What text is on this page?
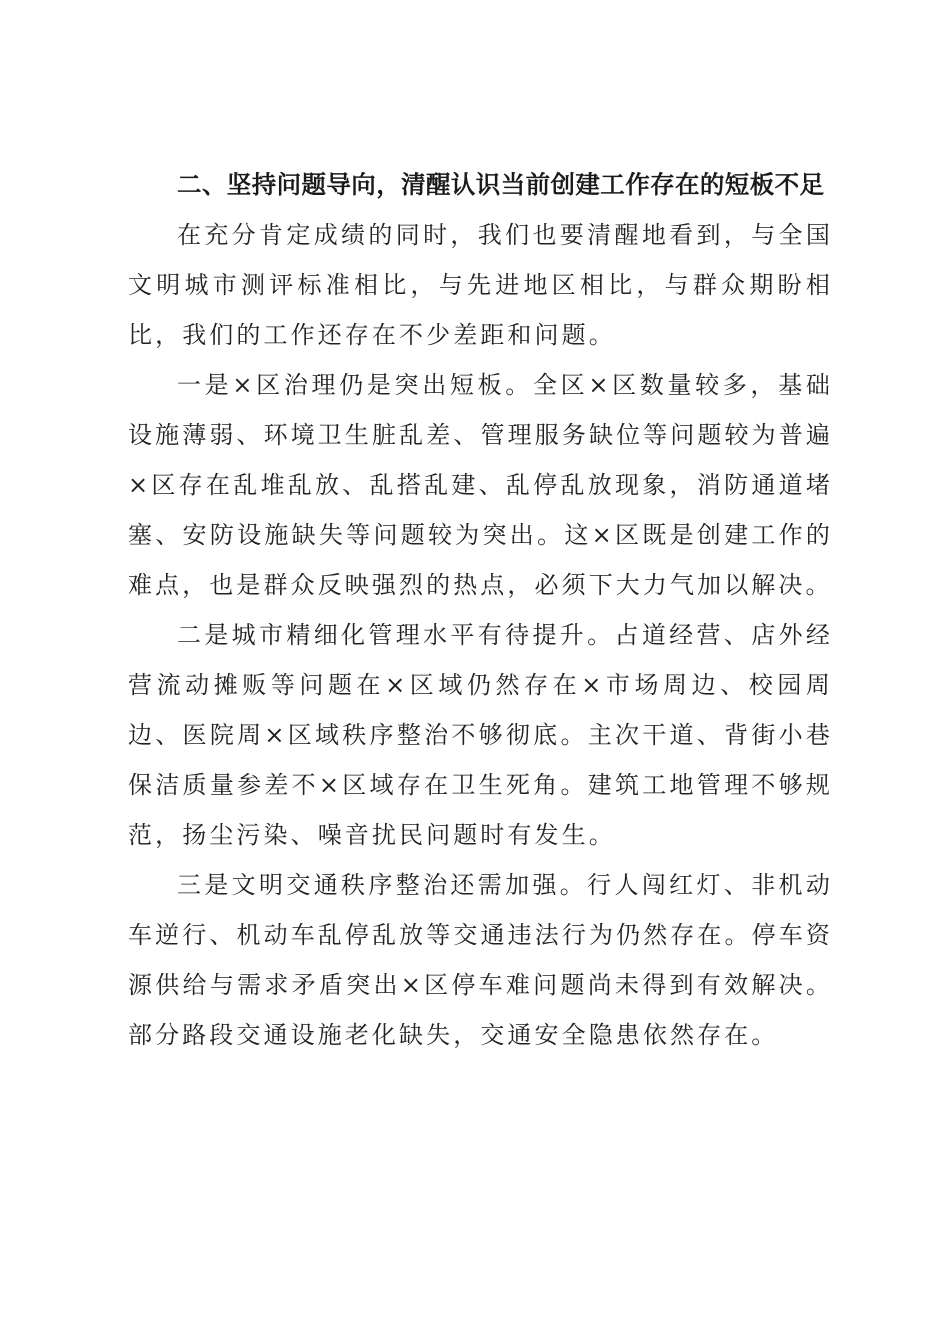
二、坚持问题导向，清醒认识当前创建工作存在的短板不足

在充分肯定成绩的同时，我们也要清醒地看到，与全国文明城市测评标准相比，与先进地区相比，与群众期盼相比，我们的工作还存在不少差距和问题。

一是×区治理仍是突出短板。全区×区数量较多，基础设施薄弱、环境卫生脏乱差、管理服务缺位等问题较为普遍×区存在乱堆乱放、乱搭乱建、乱停乱放现象，消防通道堵塞、安防设施缺失等问题较为突出。这×区既是创建工作的难点，也是群众反映强烈的热点，必须下大力气加以解决。

二是城市精细化管理水平有待提升。占道经营、店外经营流动摊贩等问题在×区域仍然存在×市场周边、校园周边、医院周×区域秩序整治不够彻底。主次干道、背街小巷保洁质量参差不×区域存在卫生死角。建筑工地管理不够规范，扬尘污染、噪音扰民问题时有发生。

三是文明交通秩序整治还需加强。行人闯红灯、非机动车逆行、机动车乱停乱放等交通违法行为仍然存在。停车资源供给与需求矛盾突出×区停车难问题尚未得到有效解决。部分路段交通设施老化缺失，交通安全隐患依然存在。
